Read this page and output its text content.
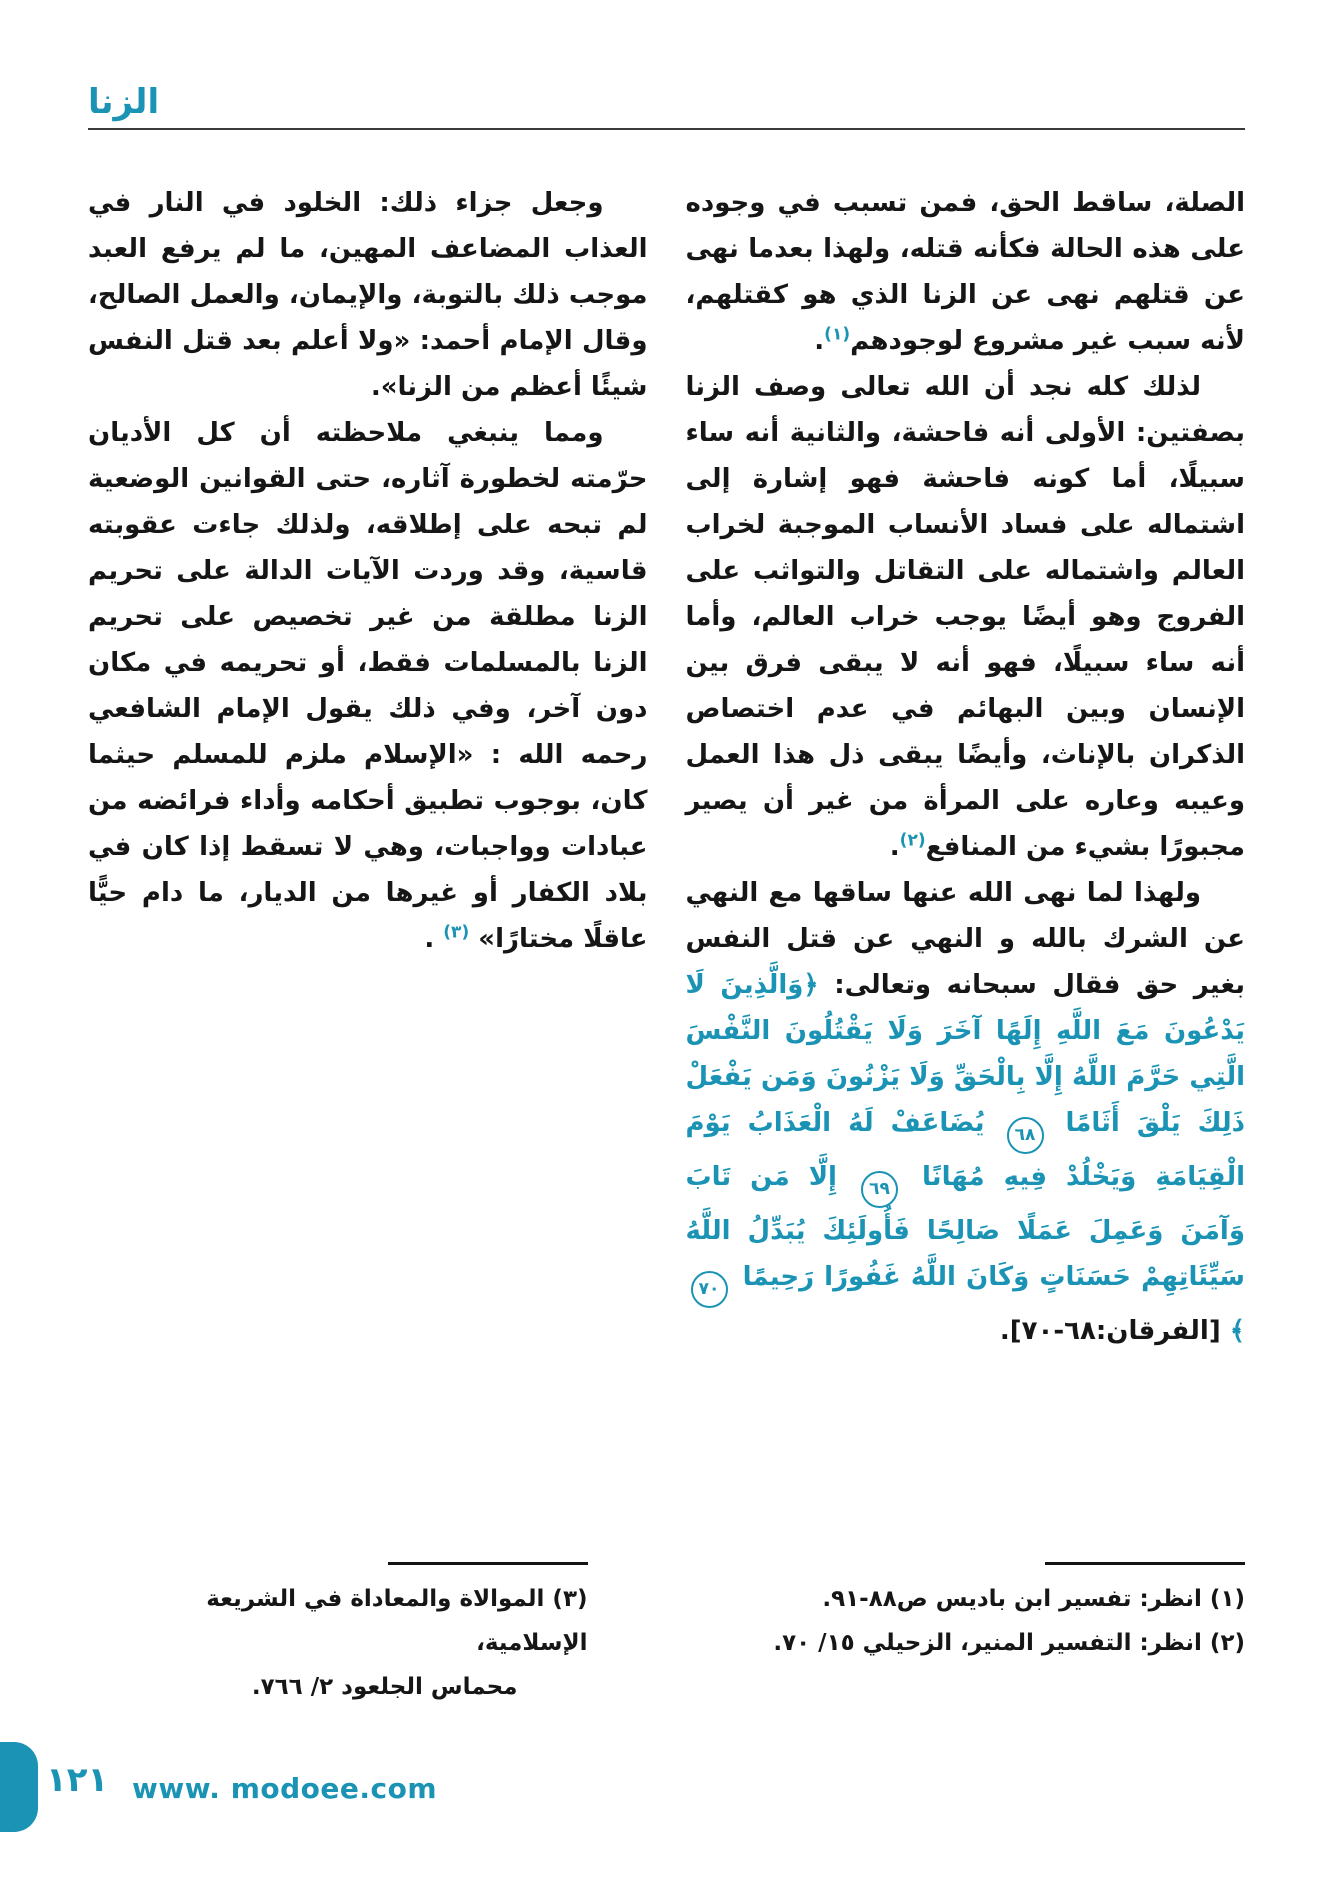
الزنا

الصلة، ساقط الحق، فمن تسبب في وجوده على هذه الحالة فكأنه قتله، ولهذا بعدما نهى عن قتلهم نهى عن الزنا الذي هو كقتلهم، لأنه سبب غير مشروع لوجودهم$^{(١)}$.

لذلك كله نجد أن الله تعالى وصف الزنا بصفتين: الأولى أنه فاحشة، والثانية أنه ساء سبيلًا، أما كونه فاحشة فهو إشارة إلى اشتماله على فساد الأنساب الموجبة لخراب العالم واشتماله على التقاتل والتواثب على الفروج وهو أيضًا يوجب خراب العالم، وأما أنه ساء سبيلًا، فهو أنه لا يبقى فرق بين الإنسان وبين البهائم في عدم اختصاص الذكران بالإناث، وأيضًا يبقى ذل هذا العمل وعيبه وعاره على المرأة من غير أن يصير مجبورًا بشيء من المنافع$^{(٢)}$.

ولهذا لما نهى الله عنها ساقها مع النهي عن الشرك بالله و النهي عن قتل النفس بغير حق فقال سبحانه وتعالى: ﴿وَالَّذِينَ لَا يَدْعُونَ مَعَ اللَّهِ إِلَهًا آخَرَ وَلَا يَقْتُلُونَ النَّفْسَ الَّتِي حَرَّمَ اللَّهُ إِلَّا بِالْحَقِّ وَلَا يَزْنُونَ وَمَن يَفْعَلْ ذَلِكَ يَلْقَ أَثَامًا ٦٨ يُضَاعَفْ لَهُ الْعَذَابُ يَوْمَ الْقِيَامَةِ وَيَخْلُدْ فِيهِ مُهَانًا ٦٩ إِلَّا مَن تَابَ وَآمَنَ وَعَمِلَ عَمَلًا صَالِحًا فَأُولَئِكَ يُبَدِّلُ اللَّهُ سَيِّئَاتِهِمْ حَسَنَاتٍ وَكَانَ اللَّهُ غَفُورًا رَحِيمًا ٧٠﴾ [الفرقان:٦٨-٧٠].

وجعل جزاء ذلك: الخلود في النار في العذاب المضاعف المهين، ما لم يرفع العبد موجب ذلك بالتوبة، والإيمان، والعمل الصالح، وقال الإمام أحمد: «ولا أعلم بعد قتل النفس شيئًا أعظم من الزنا».

ومما ينبغي ملاحظته أن كل الأديان حرّمته لخطورة آثاره، حتى القوانين الوضعية لم تبحه على إطلاقه، ولذلك جاءت عقوبته قاسية، وقد وردت الآيات الدالة على تحريم الزنا مطلقة من غير تخصيص على تحريم الزنا بالمسلمات فقط، أو تحريمه في مكان دون آخر، وفي ذلك يقول الإمام الشافعي رحمه الله : «الإسلام ملزم للمسلم حيثما كان، بوجوب تطبيق أحكامه وأداء فرائضه من عبادات وواجبات، وهي لا تسقط إذا كان في بلاد الكفار أو غيرها من الديار، ما دام حيًّا عاقلًا مختارًا» $^{(٣)}$ .

(١) انظر: تفسير ابن باديس ص٨٨-٩١.
(٢) انظر: التفسير المنير، الزحيلي ١٥/ ٧٠.
(٣) الموالاة والمعاداة في الشريعة الإسلامية،
محماس الجلعود ٢/ ٧٦٦.
١٢١ www. modoee.com
